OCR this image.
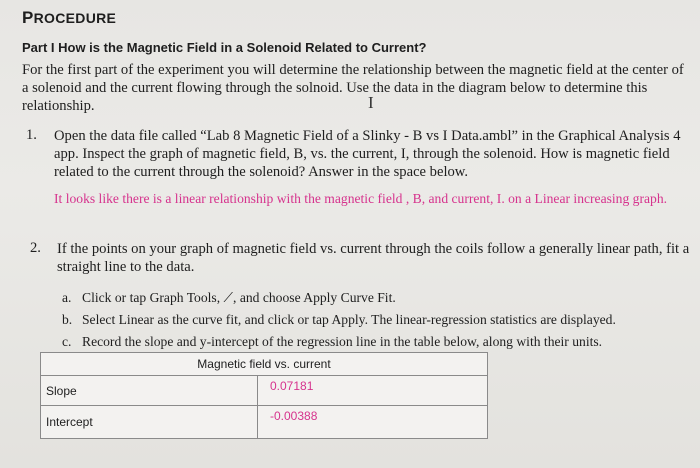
PROCEDURE
Part I How is the Magnetic Field in a Solenoid Related to Current?
For the first part of the experiment you will determine the relationship between the magnetic field at the center of a solenoid and the current flowing through the solnoid. Use the data in the diagram below to determine this relationship.	I
1. Open the data file called “Lab 8 Magnetic Field of a Slinky - B vs I Data.ambl” in the Graphical Analysis 4 app. Inspect the graph of magnetic field, B, vs. the current, I, through the solenoid. How is magnetic field related to the current through the solenoid? Answer in the space below.
It looks like there is a linear relationship with the magnetic field , B, and current, I. on a Linear increasing graph.
2. If the points on your graph of magnetic field vs. current through the coils follow a generally linear path, fit a straight line to the data.
a. Click or tap Graph Tools, ⟋, and choose Apply Curve Fit.
b. Select Linear as the curve fit, and click or tap Apply. The linear-regression statistics are displayed.
c. Record the slope and y-intercept of the regression line in the table below, along with their units.
Magnetic field vs. current
Slope	0.07181
Intercept	-0.00388
